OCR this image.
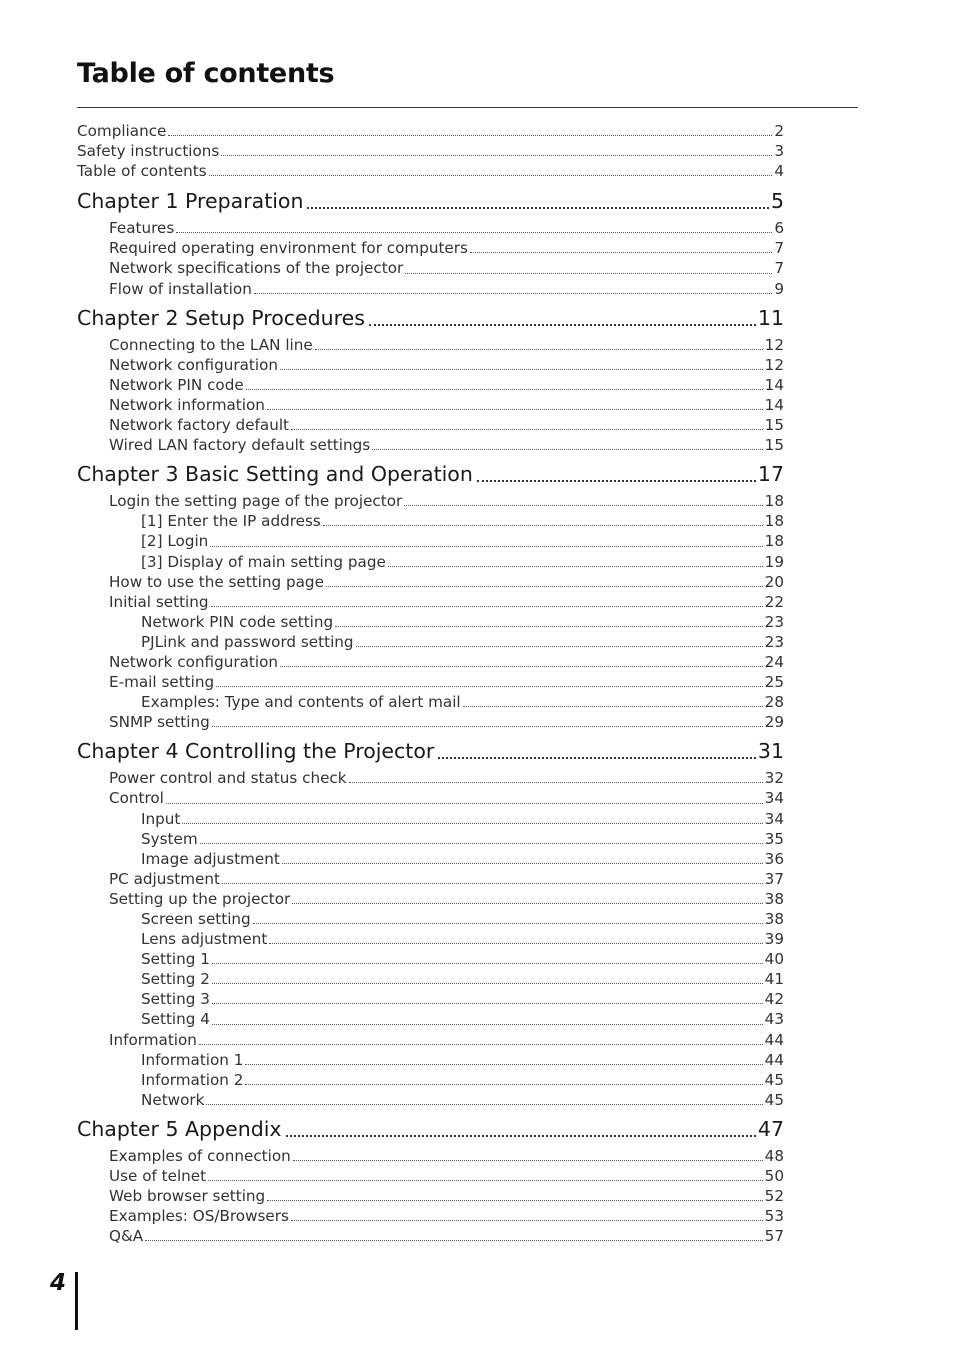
Table of contents
Compliance	2
Safety instructions	3
Table of contents	4
Chapter 1 Preparation	5
Features	6
Required operating environment for computers	7
Network specifications of the projector	7
Flow of installation	9
Chapter 2 Setup Procedures	11
Connecting to the LAN line	12
Network configuration	12
Network PIN code	14
Network information	14
Network factory default	15
Wired LAN factory default settings	15
Chapter 3 Basic Setting and Operation	17
Login the setting page of the projector	18
[1] Enter the IP address	18
[2] Login	18
[3] Display of main setting page	19
How to use the setting page	20
Initial setting	22
Network PIN code setting	23
PJLink and password setting	23
Network configuration	24
E-mail setting	25
Examples: Type and contents of alert mail	28
SNMP setting	29
Chapter 4 Controlling the Projector	31
Power control and status check	32
Control	34
Input	34
System	35
Image adjustment	36
PC adjustment	37
Setting up the projector	38
Screen setting	38
Lens adjustment	39
Setting 1	40
Setting 2	41
Setting 3	42
Setting 4	43
Information	44
Information 1	44
Information 2	45
Network	45
Chapter 5 Appendix	47
Examples of connection	48
Use of telnet	50
Web browser setting	52
Examples: OS/Browsers	53
Q&A	57
4
